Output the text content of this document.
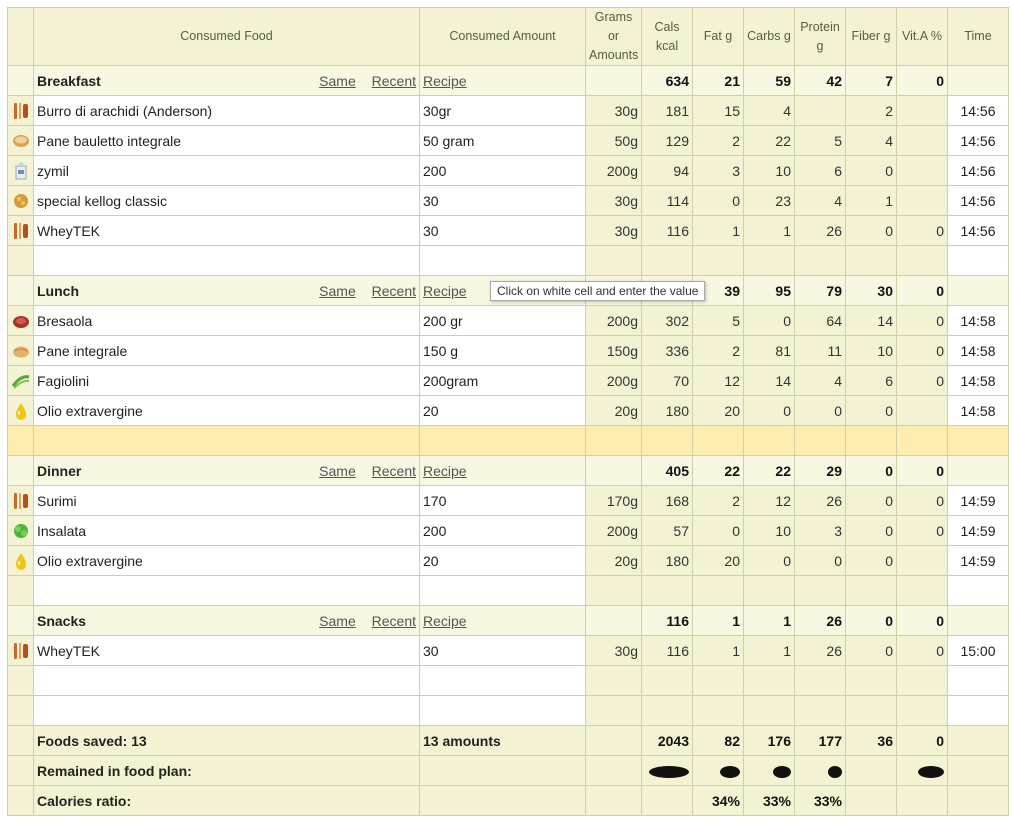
	Consumed Food	Consumed Amount	Grams or Amounts	Cals kcal	Fat g	Carbs g	Protein g	Fiber g	Vit.A %	Time
	Breakfast Same Recent	Recipe		634	21	59	42	7	0	
	Burro di arachidi (Anderson)	30gr	30g	181	15	4		2		14:56
	Pane bauletto integrale	50 gram	50g	129	2	22	5	4		14:56
	zymil	200	200g	94	3	10	6	0		14:56
	special kellog classic	30	30g	114	0	23	4	1		14:56
	WheyTEK	30	30g	116	1	1	26	0	0	14:56

	Lunch Same Recent	Recipe			39	95	79	30	0	
	Bresaola	200 gr	200g	302	5	0	64	14	0	14:58
	Pane integrale	150 g	150g	336	2	81	11	10	0	14:58
	Fagiolini	200gram	200g	70	12	14	4	6	0	14:58
	Olio extravergine	20	20g	180	20	0	0	0		14:58

	Dinner Same Recent	Recipe		405	22	22	29	0	0	
	Surimi	170	170g	168	2	12	26	0	0	14:59
	Insalata	200	200g	57	0	10	3	0	0	14:59
	Olio extravergine	20	20g	180	20	0	0	0		14:59

	Snacks Same Recent	Recipe		116	1	1	26	0	0	
	WheyTEK	30	30g	116	1	1	26	0	0	15:00

	Foods saved: 13	13 amounts		2043	82	176	177	36	0	
	Remained in food plan:									
	Calories ratio:				34%	33%	33%			
Click on white cell and enter the value
